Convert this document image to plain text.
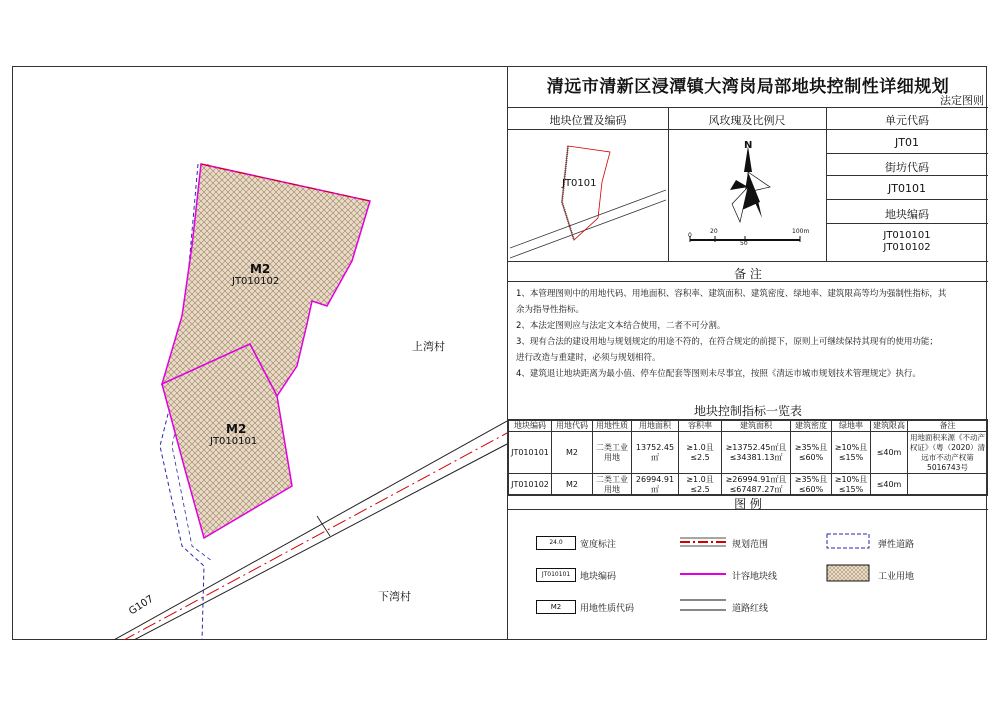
M2
JT010102
M2
JT010101
上湾村
下湾村
G107
清远市清新区浸潭镇大湾岗局部地块控制性详细规划
法定图则
地块位置及编码	风玫瑰及比例尺	单元代码
JT0101
N
0
20
50
100m
JT01
街坊代码
JT0101
地块编码
JT010101
JT010102
备 注

1、本管理图则中的用地代码、用地面积、容积率、建筑面积、建筑密度、绿地率、建筑限高等均为强制性指标，其

余为指导性指标。

2、本法定图则应与法定文本结合使用，二者不可分割。

3、现有合法的建设用地与规划规定的用途不符的，在符合规定的前提下，原则上可继续保持其现有的使用功能；

进行改造与重建时，必须与规划相符。

4、建筑退让地块距离为最小值、停车位配套等图则未尽事宜，按照《清远市城市规划技术管理规定》执行。

地块控制指标一览表
地块编码	用地代码	用地性质	用地面积	容积率	建筑面积	建筑密度	绿地率	建筑限高	备注
JT010101	M2	二类工业用地	13752.45㎡	≥1.0且≤2.5	≥13752.45㎡且≤34381.13㎡	≥35%且≤60%	≥10%且≤15%	≤40m	用地面积来源《不动产权证》（粤（2020）清远市不动产权第5016743号
JT010102	M2	二类工业用地	26994.91㎡	≥1.0且≤2.5	≥26994.91㎡且≤67487.27㎡	≥35%且≤60%	≥10%且≤15%	≤40m	
图 例
24.0	宽度标注	规划范围	弹性道路
JT010101	地块编码	计容地块线	工业用地
M2	用地性质代码	道路红线
